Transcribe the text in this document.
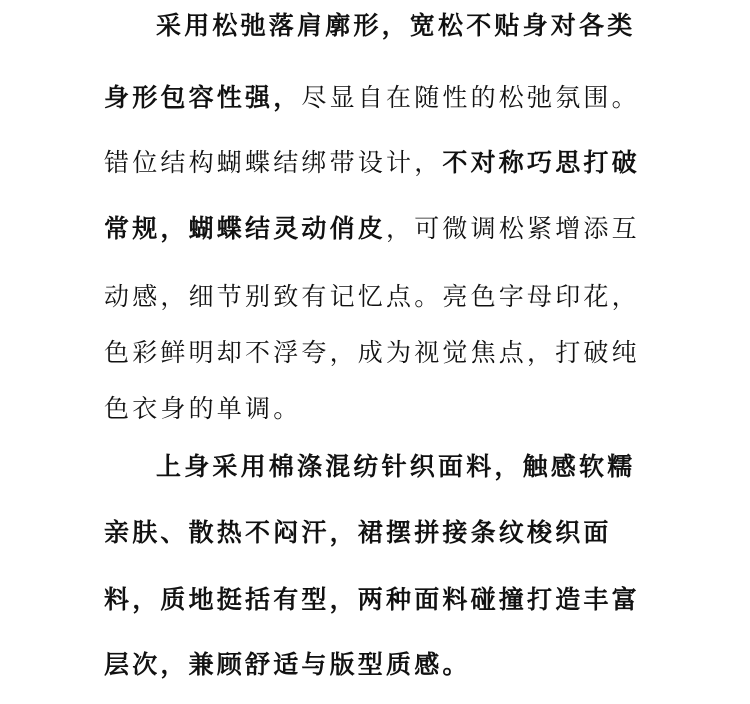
采用松弛落肩廓形，宽松不贴身对各类
身形包容性强，尽显自在随性的松弛氛围。
错位结构蝴蝶结绑带设计，不对称巧思打破
常规，蝴蝶结灵动俏皮，可微调松紧增添互
动感，细节别致有记忆点。亮色字母印花，
色彩鲜明却不浮夸，成为视觉焦点，打破纯
色衣身的单调。
上身采用棉涤混纺针织面料，触感软糯
亲肤、散热不闷汗，裙摆拼接条纹梭织面
料，质地挺括有型，两种面料碰撞打造丰富
层次，兼顾舒适与版型质感。
